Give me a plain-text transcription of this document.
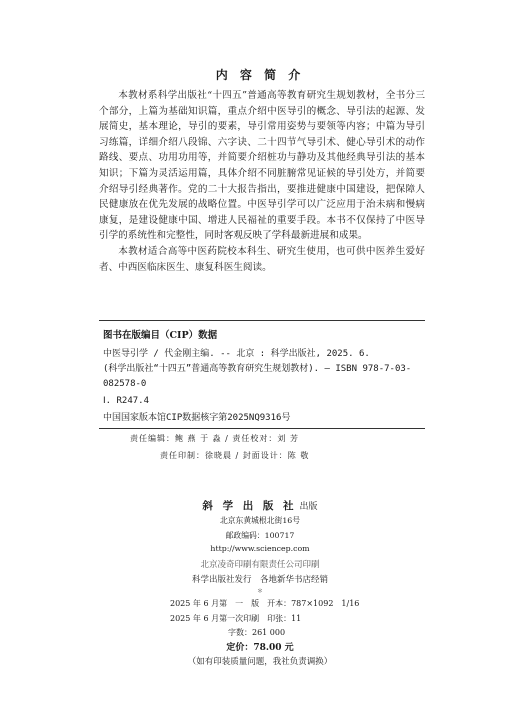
内 容 简 介

本教材系科学出版社“十四五”普通高等教育研究生规划教材，全书分三个部分，上篇为基础知识篇，重点介绍中医导引的概念、导引法的起源、发展简史，基本理论，导引的要素，导引常用姿势与要领等内容；中篇为导引习练篇，详细介绍八段锦、六字诀、二十四节气导引术、健心导引术的动作路线、要点、功用功用等，并简要介绍桩功与静功及其他经典导引法的基本知识；下篇为灵活运用篇，具体介绍不同脏腑常见证候的导引处方，并简要介绍导引经典著作。党的二十大报告指出，要推进健康中国建设，把保障人民健康放在优先发展的战略位置。中医导引学可以广泛应用于治未病和慢病康复，是建设健康中国、增进人民福祉的重要手段。本书不仅保持了中医导引学的系统性和完整性，同时客观反映了学科最新进展和成果。

本教材适合高等中医药院校本科生、研究生使用，也可供中医养生爱好者、中西医临床医生、康复科医生阅读。

图书在版编目（CIP）数据
中医导引学 / 代金刚主编. -- 北京 : 科学出版社, 2025. 6.
(科学出版社“十四五”普通高等教育研究生规划教材). — ISBN 978-7-03-
082578-0
Ⅰ. R247.4
中国国家版本馆CIP数据核字第2025NQ9316号
责任编辑：鲍 燕 于 淼 / 责任校对：刘 芳
责任印制：徐晓晨 / 封面设计：陈 敬
斜 学 出 版 社 出版
北京东黄城根北街16号
邮政编码：100717
http://www.sciencep.com
北京凌奇印刷有限责任公司印刷
科学出版社发行　各地新华书店经销
＊
2025 年 6 月第　一　版　开本：787×1092　1/16
2025 年 6 月第一次印刷　印张：11
字数：261 000
定价：78.00 元
（如有印装质量问题，我社负责调换）
